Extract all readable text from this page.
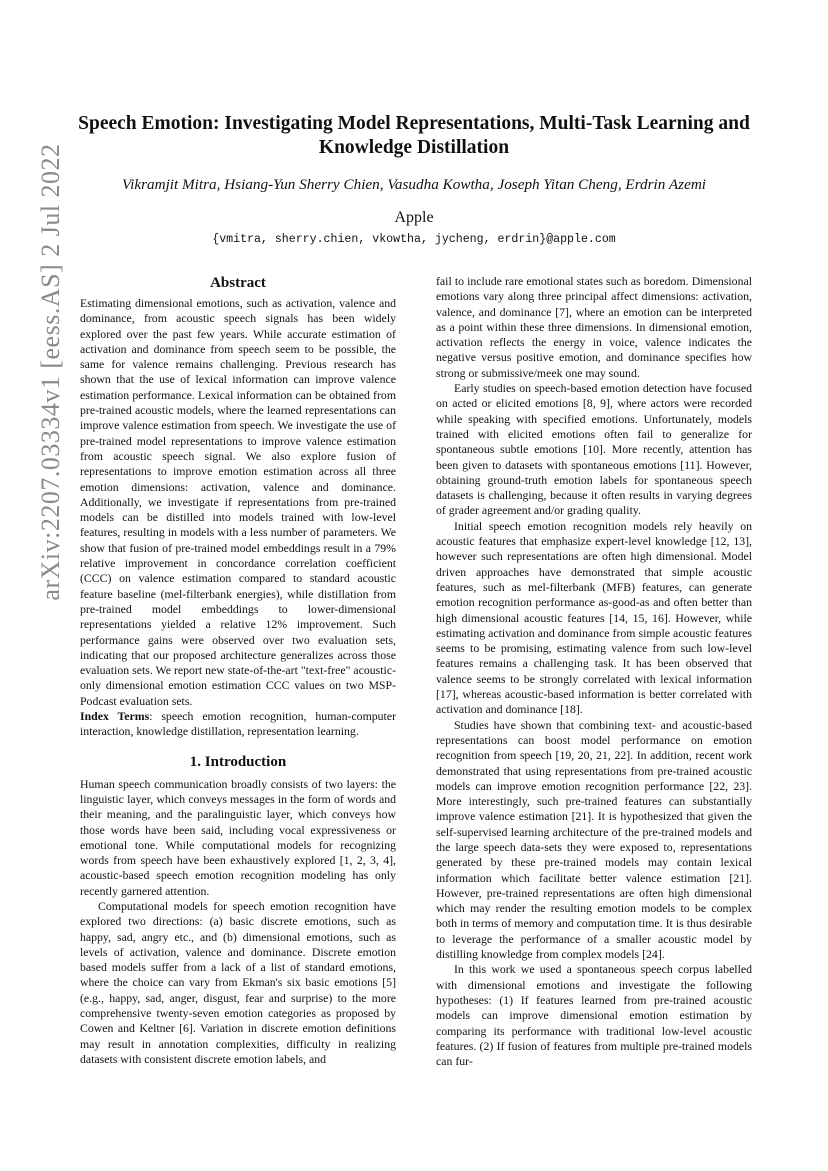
arXiv:2207.03334v1 [eess.AS] 2 Jul 2022
Speech Emotion: Investigating Model Representations, Multi-Task Learning and Knowledge Distillation
Vikramjit Mitra, Hsiang-Yun Sherry Chien, Vasudha Kowtha, Joseph Yitan Cheng, Erdrin Azemi
Apple
{vmitra, sherry.chien, vkowtha, jycheng, erdrin}@apple.com
Abstract

Estimating dimensional emotions, such as activation, valence and dominance, from acoustic speech signals has been widely explored over the past few years. While accurate estimation of activation and dominance from speech seem to be possible, the same for valence remains challenging. Previous research has shown that the use of lexical information can improve valence estimation performance. Lexical information can be obtained from pre-trained acoustic models, where the learned representations can improve valence estimation from speech. We investigate the use of pre-trained model representations to improve valence estimation from acoustic speech signal. We also explore fusion of representations to improve emotion estimation across all three emotion dimensions: activation, valence and dominance. Additionally, we investigate if representations from pre-trained models can be distilled into models trained with low-level features, resulting in models with a less number of parameters. We show that fusion of pre-trained model embeddings result in a 79% relative improvement in concordance correlation coefficient (CCC) on valence estimation compared to standard acoustic feature baseline (mel-filterbank energies), while distillation from pre-trained model embeddings to lower-dimensional representations yielded a relative 12% improvement. Such performance gains were observed over two evaluation sets, indicating that our proposed architecture generalizes across those evaluation sets. We report new state-of-the-art "text-free" acoustic-only dimensional emotion estimation CCC values on two MSP-Podcast evaluation sets.

Index Terms: speech emotion recognition, human-computer interaction, knowledge distillation, representation learning.

1. Introduction

Human speech communication broadly consists of two layers: the linguistic layer, which conveys messages in the form of words and their meaning, and the paralinguistic layer, which conveys how those words have been said, including vocal expressiveness or emotional tone. While computational models for recognizing words from speech have been exhaustively explored [1, 2, 3, 4], acoustic-based speech emotion recognition modeling has only recently garnered attention.

Computational models for speech emotion recognition have explored two directions: (a) basic discrete emotions, such as happy, sad, angry etc., and (b) dimensional emotions, such as levels of activation, valence and dominance. Discrete emotion based models suffer from a lack of a list of standard emotions, where the choice can vary from Ekman's six basic emotions [5] (e.g., happy, sad, anger, disgust, fear and surprise) to the more comprehensive twenty-seven emotion categories as proposed by Cowen and Keltner [6]. Variation in discrete emotion definitions may result in annotation complexities, difficulty in realizing datasets with consistent discrete emotion labels, and

fail to include rare emotional states such as boredom. Dimensional emotions vary along three principal affect dimensions: activation, valence, and dominance [7], where an emotion can be interpreted as a point within these three dimensions. In dimensional emotion, activation reflects the energy in voice, valence indicates the negative versus positive emotion, and dominance specifies how strong or submissive/meek one may sound.

Early studies on speech-based emotion detection have focused on acted or elicited emotions [8, 9], where actors were recorded while speaking with specified emotions. Unfortunately, models trained with elicited emotions often fail to generalize for spontaneous subtle emotions [10]. More recently, attention has been given to datasets with spontaneous emotions [11]. However, obtaining ground-truth emotion labels for spontaneous speech datasets is challenging, because it often results in varying degrees of grader agreement and/or grading quality.

Initial speech emotion recognition models rely heavily on acoustic features that emphasize expert-level knowledge [12, 13], however such representations are often high dimensional. Model driven approaches have demonstrated that simple acoustic features, such as mel-filterbank (MFB) features, can generate emotion recognition performance as-good-as and often better than high dimensional acoustic features [14, 15, 16]. However, while estimating activation and dominance from simple acoustic features seems to be promising, estimating valence from such low-level features remains a challenging task. It has been observed that valence seems to be strongly correlated with lexical information [17], whereas acoustic-based information is better correlated with activation and dominance [18].

Studies have shown that combining text- and acoustic-based representations can boost model performance on emotion recognition from speech [19, 20, 21, 22]. In addition, recent work demonstrated that using representations from pre-trained acoustic models can improve emotion recognition performance [22, 23]. More interestingly, such pre-trained features can substantially improve valence estimation [21]. It is hypothesized that given the self-supervised learning architecture of the pre-trained models and the large speech data-sets they were exposed to, representations generated by these pre-trained models may contain lexical information which facilitate better valence estimation [21]. However, pre-trained representations are often high dimensional which may render the resulting emotion models to be complex both in terms of memory and computation time. It is thus desirable to leverage the performance of a smaller acoustic model by distilling knowledge from complex models [24].

In this work we used a spontaneous speech corpus labelled with dimensional emotions and investigate the following hypotheses: (1) If features learned from pre-trained acoustic models can improve dimensional emotion estimation by comparing its performance with traditional low-level acoustic features. (2) If fusion of features from multiple pre-trained models can fur-
